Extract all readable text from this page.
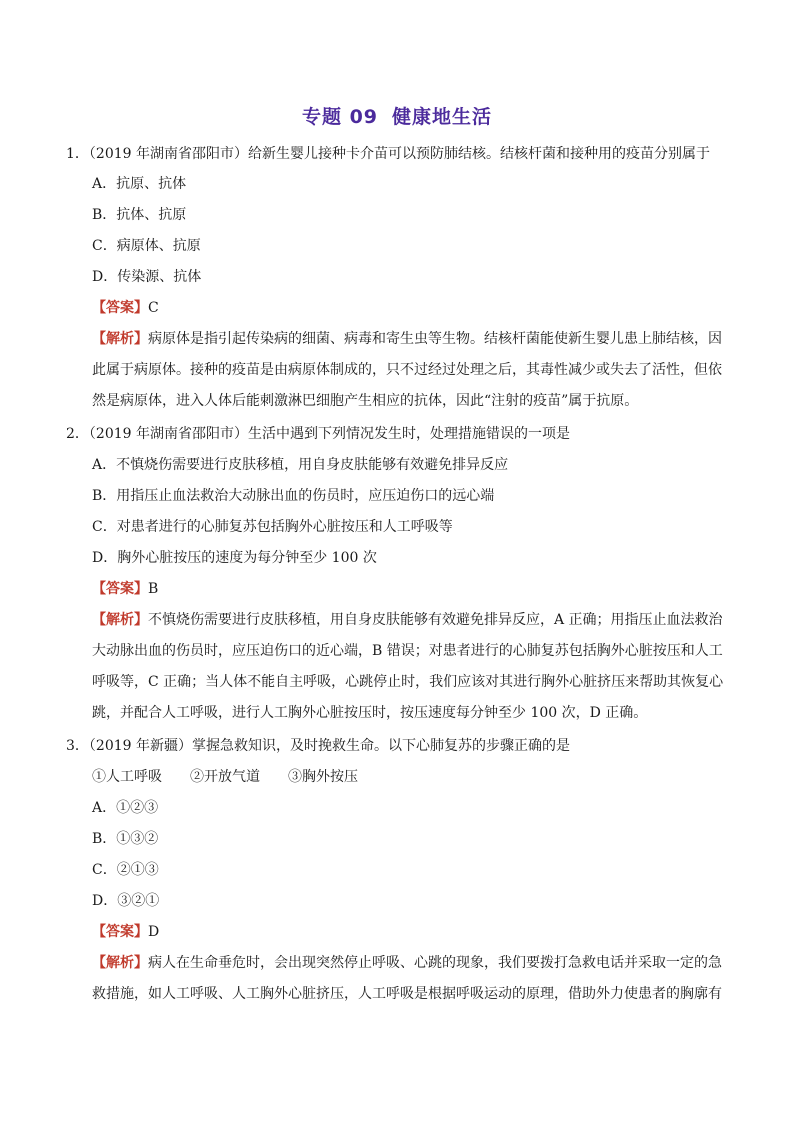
专题 09 健康地生活
1．（2019 年湖南省邵阳市）给新生婴儿接种卡介苗可以预防肺结核。结核杆菌和接种用的疫苗分别属于
A．抗原、抗体
B．抗体、抗原
C．病原体、抗原
D．传染源、抗体
【答案】C
【解析】病原体是指引起传染病的细菌、病毒和寄生虫等生物。结核杆菌能使新生婴儿患上肺结核，因
此属于病原体。接种的疫苗是由病原体制成的，只不过经过处理之后，其毒性减少或失去了活性，但依
然是病原体，进入人体后能刺激淋巴细胞产生相应的抗体，因此“注射的疫苗”属于抗原。
2．（2019 年湖南省邵阳市）生活中遇到下列情况发生时，处理措施错误的一项是
A．不慎烧伤需要进行皮肤移植，用自身皮肤能够有效避免排异反应
B．用指压止血法救治大动脉出血的伤员时，应压迫伤口的远心端
C．对患者进行的心肺复苏包括胸外心脏按压和人工呼吸等
D．胸外心脏按压的速度为每分钟至少 100 次
【答案】B
【解析】不慎烧伤需要进行皮肤移植，用自身皮肤能够有效避免排异反应，A 正确；用指压止血法救治
大动脉出血的伤员时，应压迫伤口的近心端，B 错误；对患者进行的心肺复苏包括胸外心脏按压和人工
呼吸等，C 正确；当人体不能自主呼吸，心跳停止时，我们应该对其进行胸外心脏挤压来帮助其恢复心
跳，并配合人工呼吸，进行人工胸外心脏按压时，按压速度每分钟至少 100 次，D 正确。
3．（2019 年新疆）掌握急救知识，及时挽救生命。以下心肺复苏的步骤正确的是
①人工呼吸　　②开放气道　　③胸外按压
A．①②③
B．①③②
C．②①③
D．③②①
【答案】D
【解析】病人在生命垂危时，会出现突然停止呼吸、心跳的现象，我们要拨打急救电话并采取一定的急
救措施，如人工呼吸、人工胸外心脏挤压，人工呼吸是根据呼吸运动的原理，借助外力使患者的胸廓有
